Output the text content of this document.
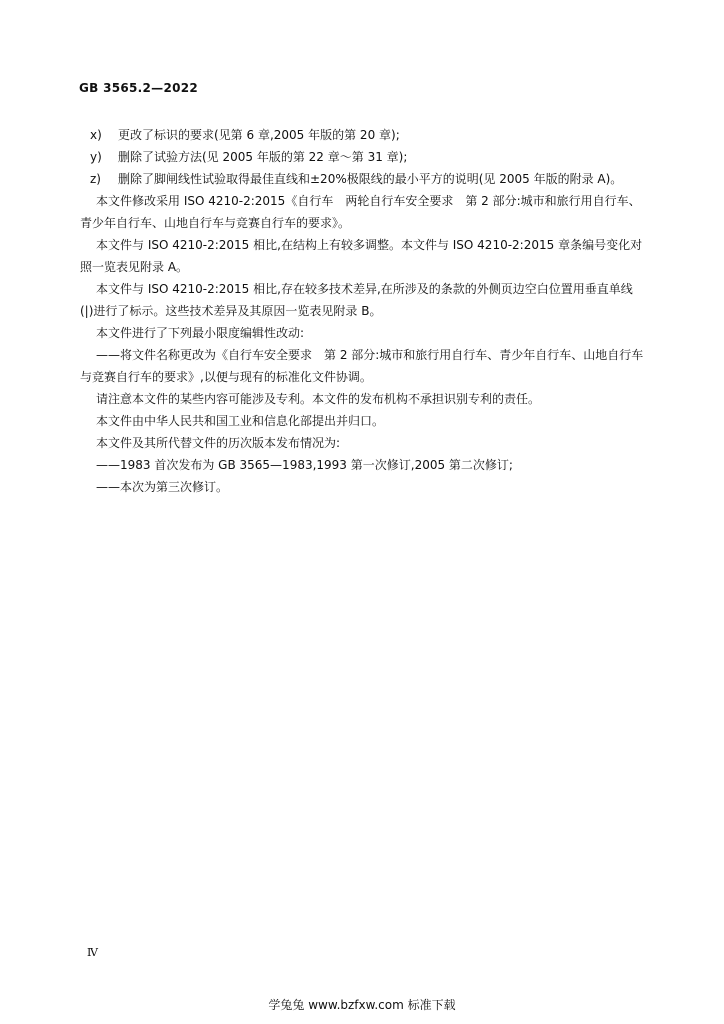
GB 3565.2—2022
x) 更改了标识的要求(见第 6 章,2005 年版的第 20 章);
y) 删除了试验方法(见 2005 年版的第 22 章～第 31 章);
z) 删除了脚闸线性试验取得最佳直线和±20%极限线的最小平方的说明(见 2005 年版的附录 A)。
本文件修改采用 ISO 4210-2:2015《自行车　两轮自行车安全要求　第 2 部分:城市和旅行用自行车、青少年自行车、山地自行车与竞赛自行车的要求》。
本文件与 ISO 4210-2:2015 相比,在结构上有较多调整。本文件与 ISO 4210-2:2015 章条编号变化对照一览表见附录 A。
本文件与 ISO 4210-2:2015 相比,存在较多技术差异,在所涉及的条款的外侧页边空白位置用垂直单线(|)进行了标示。这些技术差异及其原因一览表见附录 B。
本文件进行了下列最小限度编辑性改动:
——将文件名称更改为《自行车安全要求　第 2 部分:城市和旅行用自行车、青少年自行车、山地自行车与竞赛自行车的要求》,以便与现有的标准化文件协调。
请注意本文件的某些内容可能涉及专利。本文件的发布机构不承担识别专利的责任。
本文件由中华人民共和国工业和信息化部提出并归口。
本文件及其所代替文件的历次版本发布情况为:
——1983 首次发布为 GB 3565—1983,1993 第一次修订,2005 第二次修订;
——本次为第三次修订。
Ⅳ
学兔兔 www.bzfxw.com 标准下载
